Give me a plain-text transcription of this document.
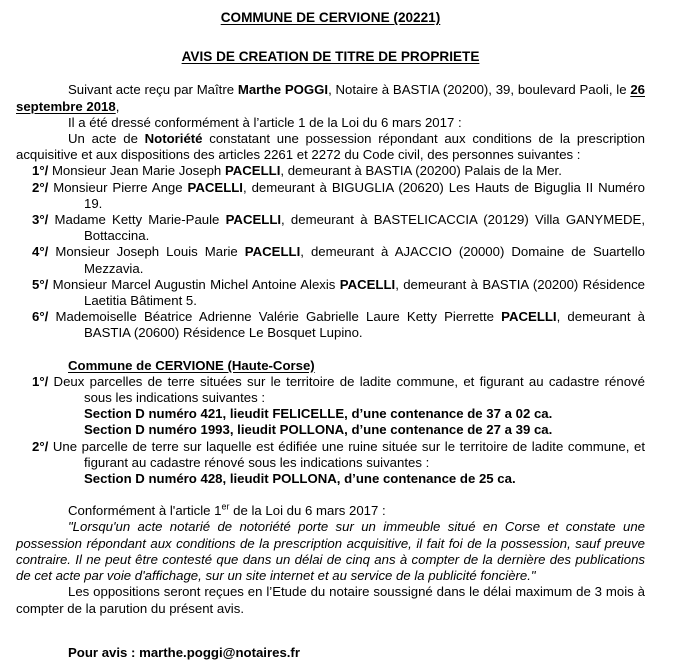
COMMUNE DE CERVIONE (20221)
AVIS DE CREATION DE TITRE DE PROPRIETE

Suivant acte reçu par Maître Marthe POGGI, Notaire à BASTIA (20200), 39, boulevard Paoli, le 26 septembre 2018,

Il a été dressé conformément à l’article 1 de la Loi du 6 mars 2017 :

Un acte de Notoriété constatant une possession répondant aux conditions de la prescription acquisitive et aux dispositions des articles 2261 et 2272 du Code civil, des personnes suivantes :

1°/ Monsieur Jean Marie Joseph PACELLI, demeurant à BASTIA (20200) Palais de la Mer.

2°/ Monsieur Pierre Ange PACELLI, demeurant à BIGUGLIA (20620) Les Hauts de Biguglia II Numéro 19.

3°/ Madame Ketty Marie-Paule PACELLI, demeurant à BASTELICACCIA (20129) Villa GANYMEDE, Bottaccina.

4°/ Monsieur Joseph Louis Marie PACELLI, demeurant à AJACCIO (20000) Domaine de Suartello Mezzavia.

5°/ Monsieur Marcel Augustin Michel Antoine Alexis PACELLI, demeurant à BASTIA (20200) Résidence Laetitia Bâtiment 5.

6°/ Mademoiselle Béatrice Adrienne Valérie Gabrielle Laure Ketty Pierrette PACELLI, demeurant à BASTIA (20600) Résidence Le Bosquet Lupino.

Commune de CERVIONE (Haute-Corse)

1°/ Deux parcelles de terre situées sur le territoire de ladite commune, et figurant au cadastre rénové sous les indications suivantes :

Section D numéro 421, lieudit FELICELLE, d’une contenance de 37 a 02 ca.

Section D numéro 1993, lieudit POLLONA, d’une contenance de 27 a 39 ca.

2°/ Une parcelle de terre sur laquelle est édifiée une ruine située sur le territoire de ladite commune, et figurant au cadastre rénové sous les indications suivantes :

Section D numéro 428, lieudit POLLONA, d’une contenance de 25 ca.

Conformément à l'article 1er de la Loi du 6 mars 2017 :

"Lorsqu'un acte notarié de notoriété porte sur un immeuble situé en Corse et constate une possession répondant aux conditions de la prescription acquisitive, il fait foi de la possession, sauf preuve contraire. Il ne peut être contesté que dans un délai de cinq ans à compter de la dernière des publications de cet acte par voie d'affichage, sur un site internet et au service de la publicité foncière."

Les oppositions seront reçues en l’Etude du notaire soussigné dans le délai maximum de 3 mois à compter de la parution du présent avis.

Pour avis : marthe.poggi@notaires.fr
